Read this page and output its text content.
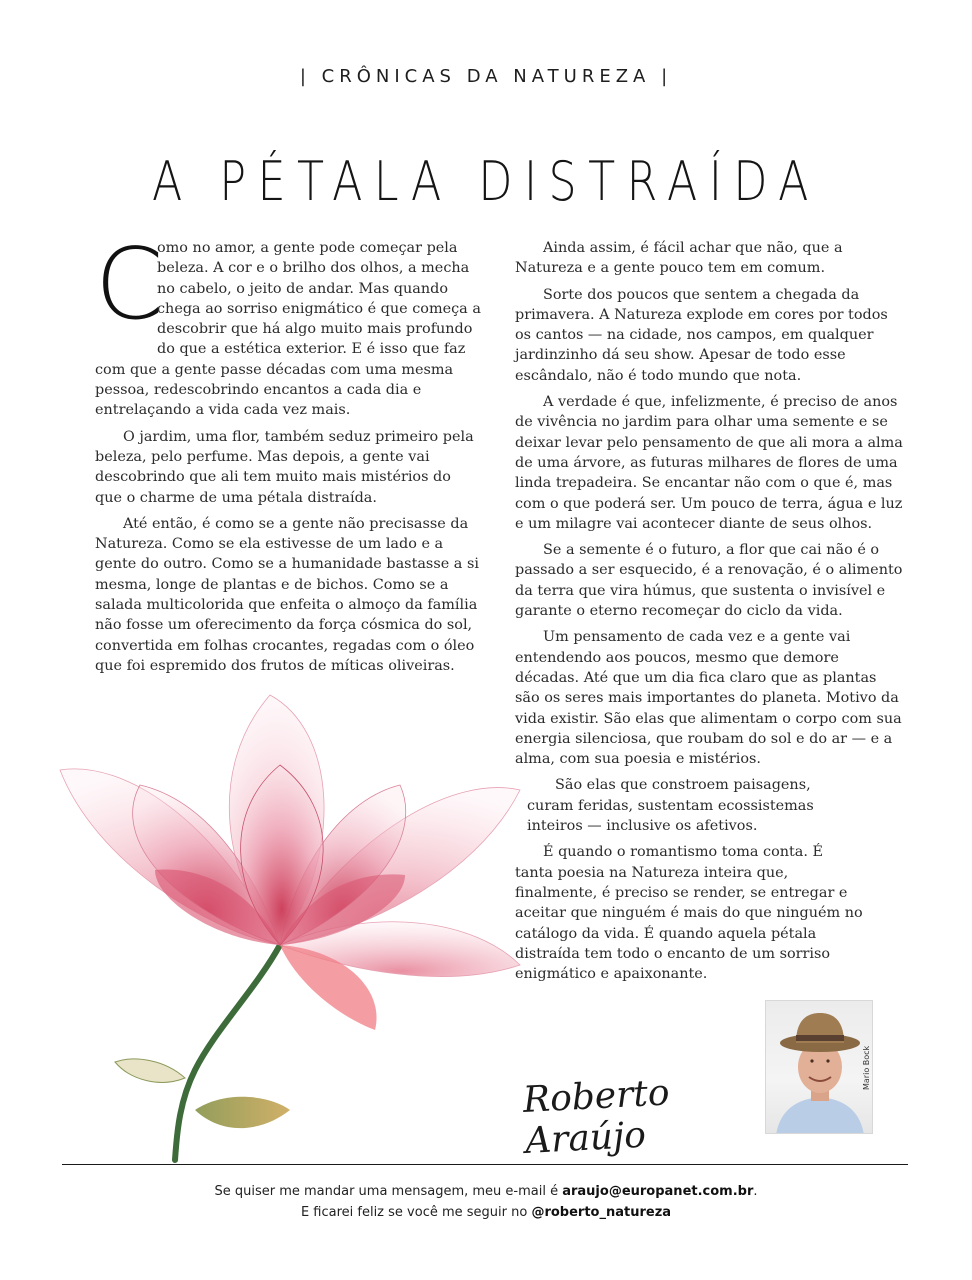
| CRÔNICAS DA NATUREZA |
A PÉTALA DISTRAÍDA

C
omo no amor, a gente pode começar pela beleza. A cor e o brilho dos olhos, a mecha no cabelo, o jeito de andar. Mas quando chega ao sorriso enigmático é que começa a descobrir que há algo muito mais profundo do que a estética exterior. E é isso que faz com que a gente passe décadas com uma mesma pessoa, redescobrindo encantos a cada dia e entrelaçando a vida cada vez mais.

O jardim, uma flor, também seduz primeiro pela beleza, pelo perfume. Mas depois, a gente vai descobrindo que ali tem muito mais mistérios do que o charme de uma pétala distraída.

Até então, é como se a gente não precisasse da Natureza. Como se ela estivesse de um lado e a gente do outro. Como se a humanidade bastasse a si mesma, longe de plantas e de bichos. Como se a salada multicolorida que enfeita o almoço da família não fosse um oferecimento da força cósmica do sol, convertida em folhas crocantes, regadas com o óleo que foi espremido dos frutos de míticas oliveiras.

Ainda assim, é fácil achar que não, que a Natureza e a gente pouco tem em comum.

Sorte dos poucos que sentem a chegada da primavera. A Natureza explode em cores por todos os cantos — na cidade, nos campos, em qualquer jardinzinho dá seu show. Apesar de todo esse escândalo, não é todo mundo que nota.

A verdade é que, infelizmente, é preciso de anos de vivência no jardim para olhar uma semente e se deixar levar pelo pensamento de que ali mora a alma de uma árvore, as futuras milhares de flores de uma linda trepadeira. Se encantar não com o que é, mas com o que poderá ser. Um pouco de terra, água e luz e um milagre vai acontecer diante de seus olhos.

Se a semente é o futuro, a flor que cai não é o passado a ser esquecido, é a renovação, é o alimento da terra que vira húmus, que sustenta o invisível e garante o eterno recomeçar do ciclo da vida.

Um pensamento de cada vez e a gente vai entendendo aos poucos, mesmo que demore décadas. Até que um dia fica claro que as plantas são os seres mais importantes do planeta. Motivo da vida existir. São elas que alimentam o corpo com sua energia silenciosa, que roubam do sol e do ar — e a alma, com sua poesia e mistérios.

São elas que constroem paisagens, curam feridas, sustentam ecossistemas inteiros — inclusive os afetivos.

É quando o romantismo toma conta. É tanta poesia na Natureza inteira que, finalmente, é preciso se render, se entregar e aceitar que ninguém é mais do que ninguém no catálogo da vida. É quando aquela pétala distraída tem todo o encanto de um sorriso enigmático e apaixonante.

Roberto Araújo
Mario Bock
Se quiser me mandar uma mensagem, meu e-mail é araujo@europanet.com.br.
E ficarei feliz se você me seguir no @roberto_natureza
